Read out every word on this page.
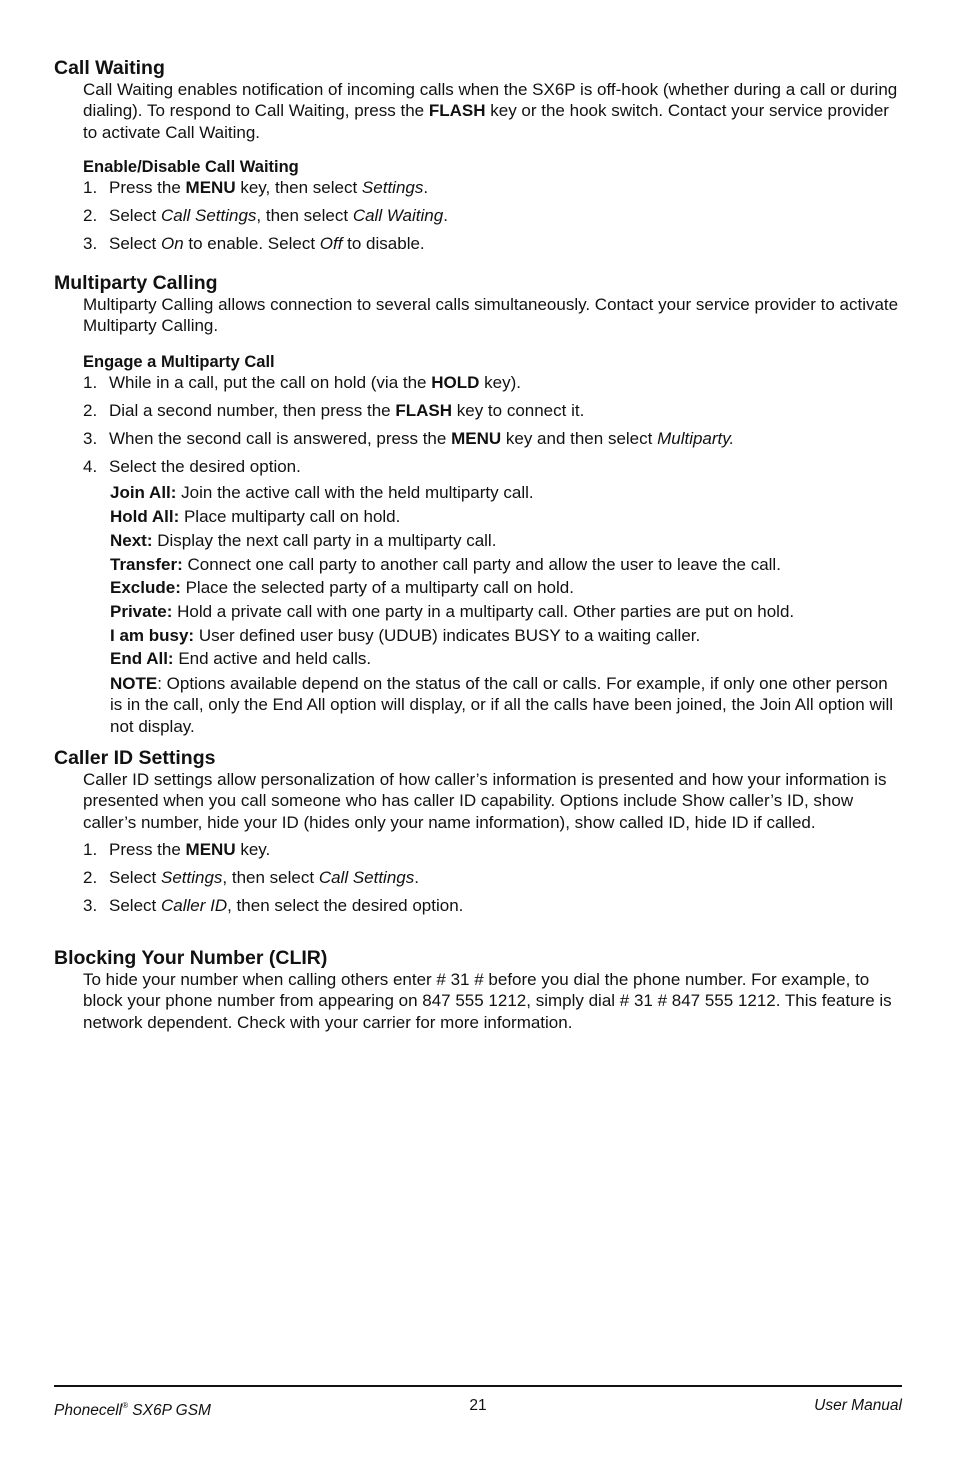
Call Waiting

Call Waiting enables notification of incoming calls when the SX6P is off-hook (whether during a call or during dialing). To respond to Call Waiting, press the FLASH key or the hook switch. Contact your service provider to activate Call Waiting.

Enable/Disable Call Waiting
1. Press the MENU key, then select Settings.
2. Select Call Settings, then select Call Waiting.
3. Select On to enable. Select Off to disable.
Multiparty Calling

Multiparty Calling allows connection to several calls simultaneously. Contact your service provider to activate Multiparty Calling.

Engage a Multiparty Call
1. While in a call, put the call on hold (via the HOLD key).
2. Dial a second number, then press the FLASH key to connect it.
3. When the second call is answered, press the MENU key and then select Multiparty.
4. Select the desired option.
Join All: Join the active call with the held multiparty call.
Hold All: Place multiparty call on hold.
Next: Display the next call party in a multiparty call.
Transfer: Connect one call party to another call party and allow the user to leave the call.
Exclude: Place the selected party of a multiparty call on hold.
Private: Hold a private call with one party in a multiparty call. Other parties are put on hold.
I am busy: User defined user busy (UDUB) indicates BUSY to a waiting caller.
End All: End active and held calls.
NOTE: Options available depend on the status of the call or calls. For example, if only one other person is in the call, only the End All option will display, or if all the calls have been joined, the Join All option will not display.
Caller ID Settings

Caller ID settings allow personalization of how caller’s information is presented and how your information is presented when you call someone who has caller ID capability. Options include Show caller’s ID, show caller’s number, hide your ID (hides only your name information), show called ID, hide ID if called.

1. Press the MENU key.
2. Select Settings, then select Call Settings.
3. Select Caller ID, then select the desired option.
Blocking Your Number (CLIR)

To hide your number when calling others enter # 31 # before you dial the phone number. For example, to block your phone number from appearing on 847 555 1212, simply dial # 31 # 847 555 1212. This feature is network dependent. Check with your carrier for more information.

Phonecell® SX6P GSM	21	User Manual
